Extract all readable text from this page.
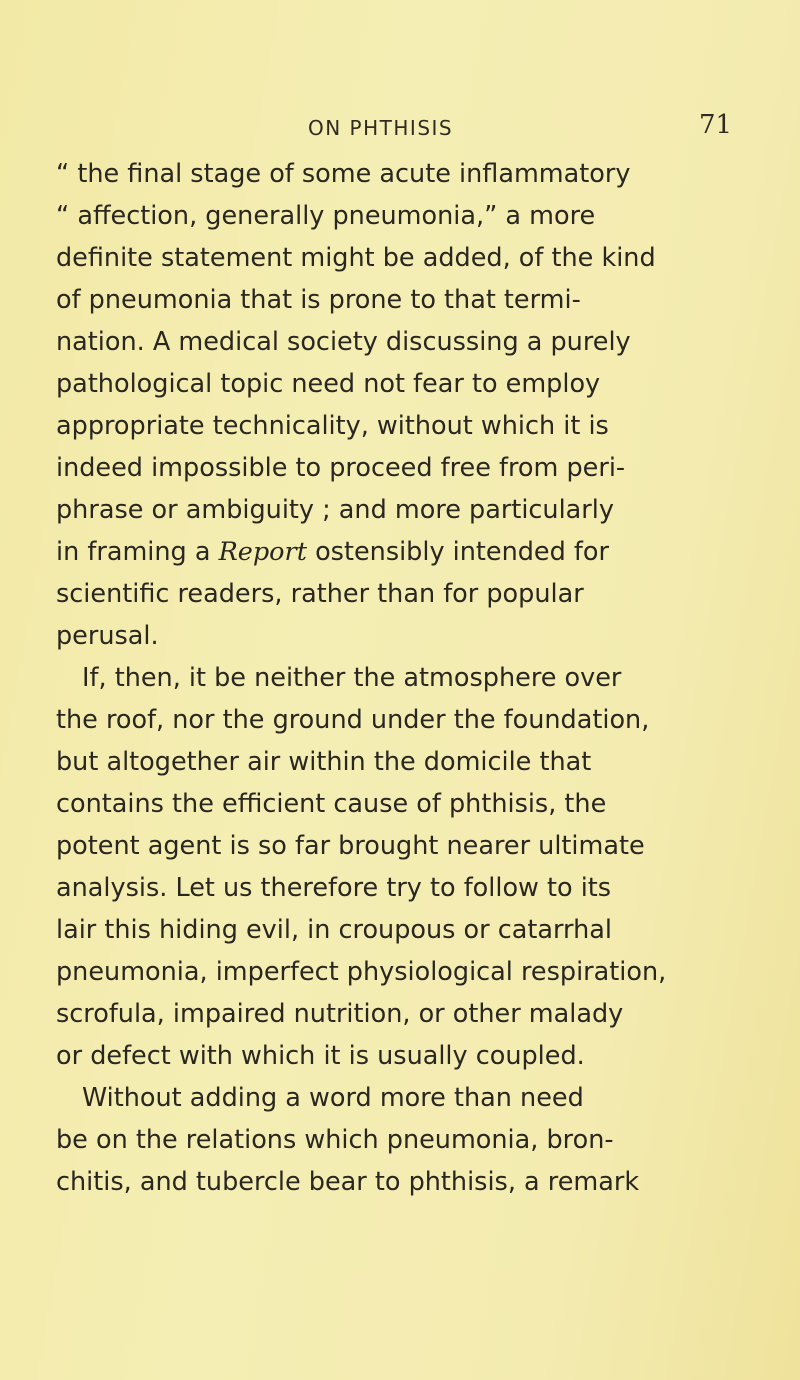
ON PHTHISIS	71
“ the final stage of some acute inflammatory
“ affection, generally pneumonia,” a more
definite statement might be added, of the kind
of pneumonia that is prone to that termi-
nation. A medical society discussing a purely
pathological topic need not fear to employ
appropriate technicality, without which it is
indeed impossible to proceed free from peri-
phrase or ambiguity ; and more particularly
in framing a Report ostensibly intended for
scientific readers, rather than for popular
perusal.
If, then, it be neither the atmosphere over
the roof, nor the ground under the foundation,
but altogether air within the domicile that
contains the efficient cause of phthisis, the
potent agent is so far brought nearer ultimate
analysis. Let us therefore try to follow to its
lair this hiding evil, in croupous or catarrhal
pneumonia, imperfect physiological respiration,
scrofula, impaired nutrition, or other malady
or defect with which it is usually coupled.
Without adding a word more than need
be on the relations which pneumonia, bron-
chitis, and tubercle bear to phthisis, a remark
